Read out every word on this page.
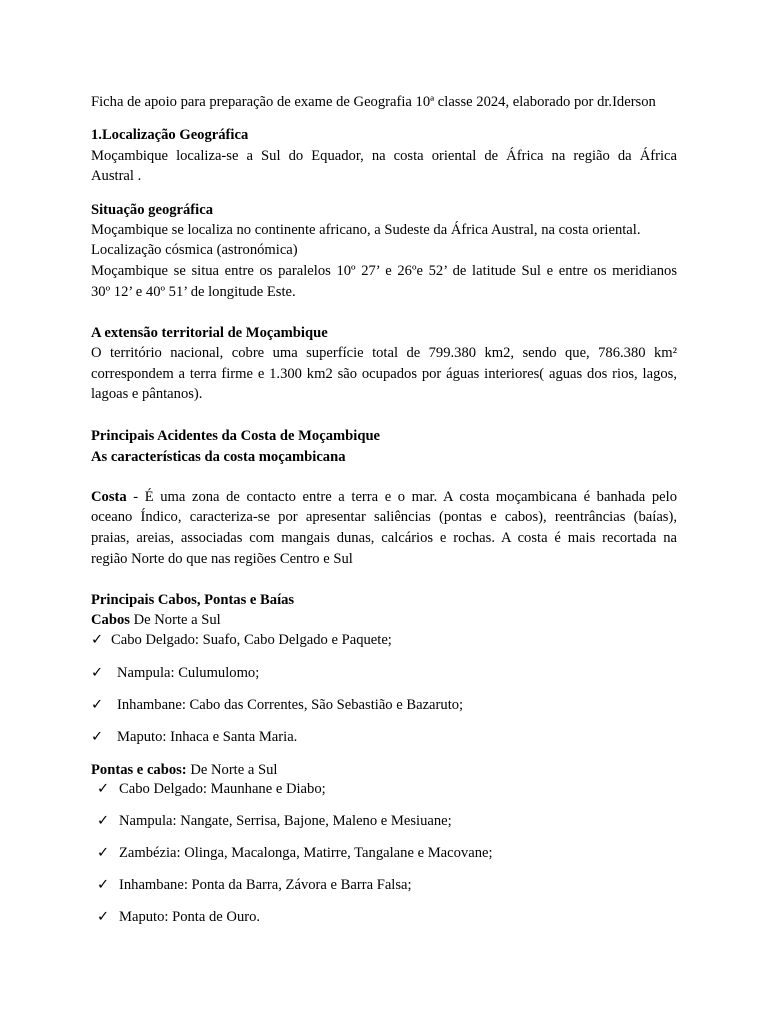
Ficha de apoio para preparação de exame de Geografia 10ª classe 2024, elaborado por dr.Iderson
1.Localização Geográfica
Moçambique localiza-se a Sul do Equador, na costa oriental de África na região da África
Austral .
Situação geográfica
Moçambique se localiza no continente africano, a Sudeste da África Austral, na costa oriental.
Localização cósmica (astronómica)
Moçambique se situa entre os paralelos 10º 27’ e 26ºe 52’ de latitude Sul e entre os meridianos
30º 12’ e 40º 51’ de longitude Este.
A extensão territorial de Moçambique
O território nacional, cobre uma superfície total de 799.380 km2, sendo que, 786.380 km²
correspondem a terra firme e 1.300 km2 são ocupados por águas interiores( aguas dos rios, lagos,
lagoas e pântanos).
Principais Acidentes da Costa de Moçambique
As características da costa moçambicana
Costa - É uma zona de contacto entre a terra e o mar. A costa moçambicana é banhada pelo
oceano Índico, caracteriza-se por apresentar saliências (pontas e cabos), reentrâncias (baías),
praias, areias, associadas com mangais dunas, calcários e rochas. A costa é mais recortada na
região Norte do que nas regiões Centro e Sul
Principais Cabos, Pontas e Baías
Cabos De Norte a Sul
✓ Cabo Delgado: Suafo, Cabo Delgado e Paquete;
✓ Nampula: Culumulomo;
✓ Inhambane: Cabo das Correntes, São Sebastião e Bazaruto;
✓ Maputo: Inhaca e Santa Maria.
Pontas e cabos: De Norte a Sul
✓ Cabo Delgado: Maunhane e Diabo;
✓ Nampula: Nangate, Serrisa, Bajone, Maleno e Mesiuane;
✓ Zambézia: Olinga, Macalonga, Matirre, Tangalane e Macovane;
✓ Inhambane: Ponta da Barra, Závora e Barra Falsa;
✓ Maputo: Ponta de Ouro.
